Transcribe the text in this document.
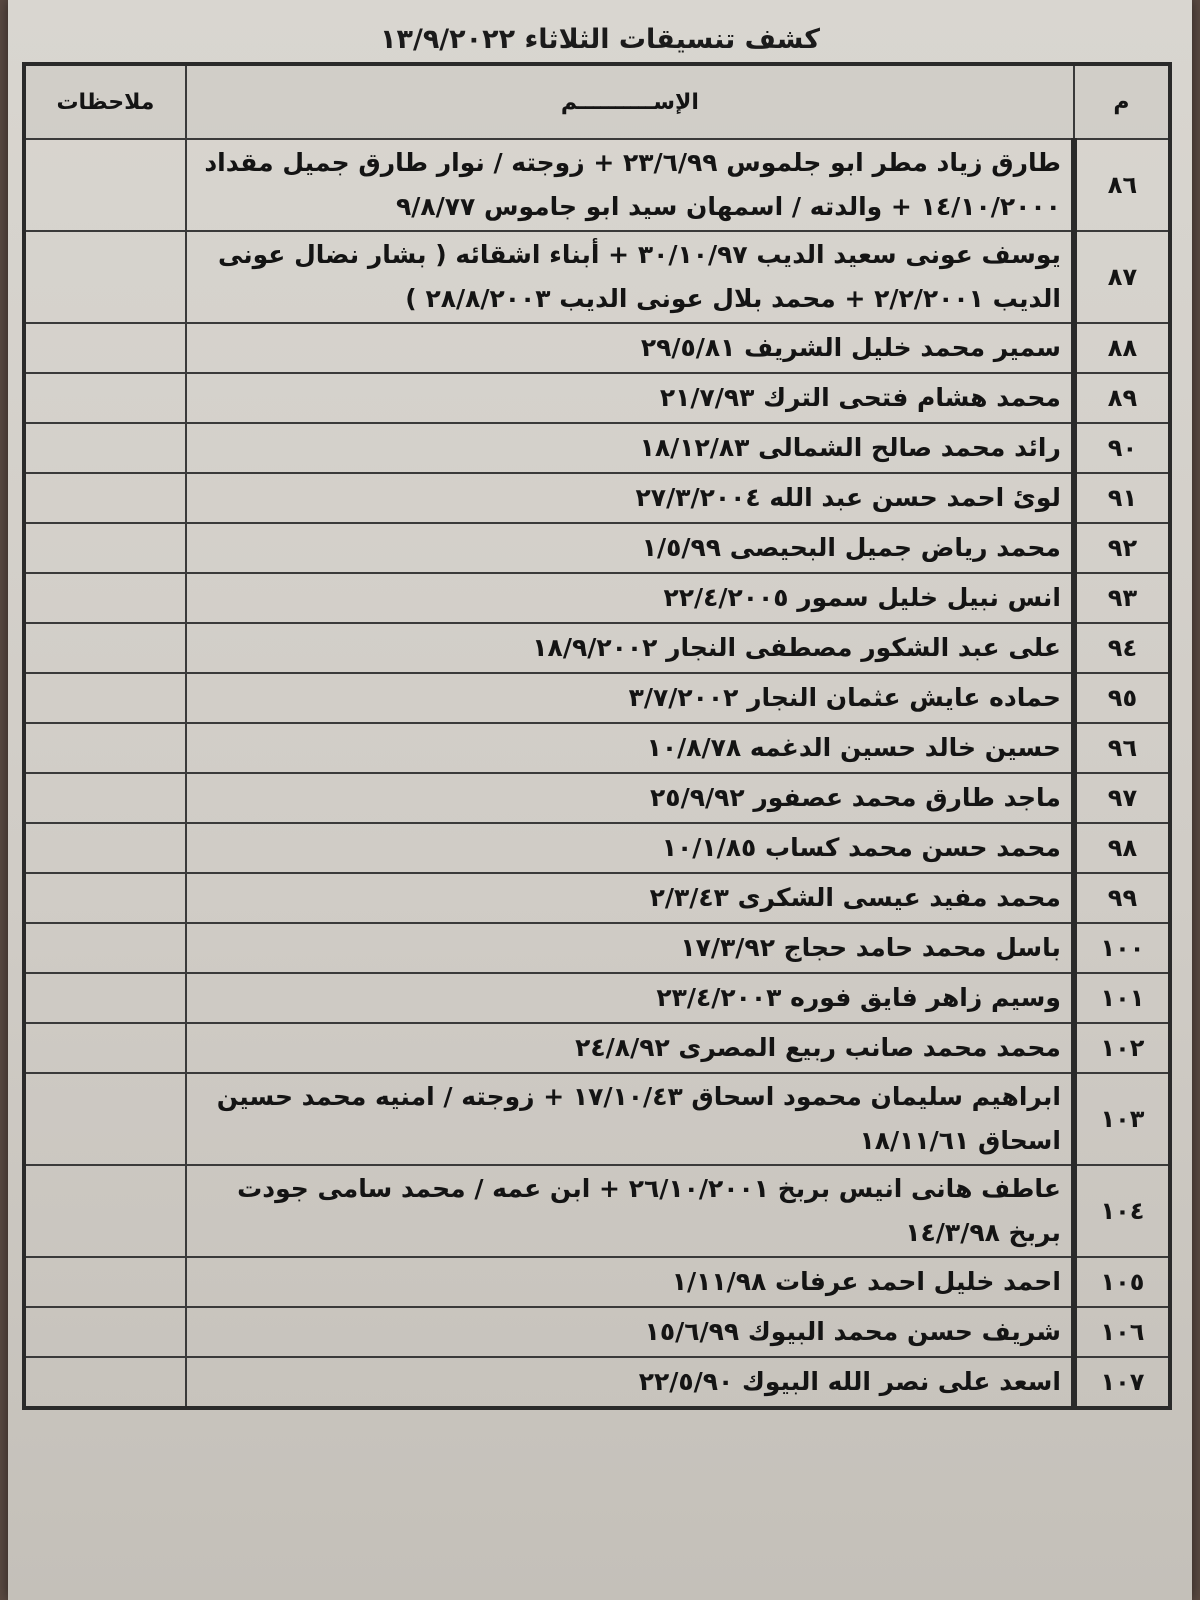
كشف تنسيقات الثلاثاء ١٣/٩/٢٠٢٢
م	الإســــــــــم	ملاحظات
٨٦	طارق زياد مطر ابو جلموس ٢٣/٦/٩٩ + زوجته / نوار طارق جميل مقداد ١٤/١٠/٢٠٠٠ + والدته / اسمهان سيد ابو جاموس ٩/٨/٧٧	

٨٧	يوسف عونى سعيد الديب ٣٠/١٠/٩٧ + أبناء اشقائه ( بشار نضال عونى الديب ٢/٢/٢٠٠١ + محمد بلال عونى الديب ٢٨/٨/٢٠٠٣ )	

٨٨	سمير محمد خليل الشريف ٢٩/٥/٨١	

٨٩	محمد هشام فتحى الترك ٢١/٧/٩٣	

٩٠	رائد محمد صالح الشمالى ١٨/١٢/٨٣	

٩١	لوئ احمد حسن عبد الله ٢٧/٣/٢٠٠٤	

٩٢	محمد رياض جميل البحيصى ١/٥/٩٩	

٩٣	انس نبيل خليل سمور ٢٢/٤/٢٠٠٥	

٩٤	على عبد الشكور مصطفى النجار ١٨/٩/٢٠٠٢	

٩٥	حماده عايش عثمان النجار ٣/٧/٢٠٠٢	

٩٦	حسين خالد حسين الدغمه ١٠/٨/٧٨	

٩٧	ماجد طارق محمد عصفور ٢٥/٩/٩٢	

٩٨	محمد حسن محمد كساب ١٠/١/٨٥	

٩٩	محمد مفيد عيسى الشكرى ٢/٣/٤٣	

١٠٠	باسل محمد حامد حجاج ١٧/٣/٩٢	

١٠١	وسيم زاهر فايق فوره ٢٣/٤/٢٠٠٣	

١٠٢	محمد محمد صانب ربيع المصرى ٢٤/٨/٩٢	

١٠٣	ابراهيم سليمان محمود اسحاق ١٧/١٠/٤٣ + زوجته / امنيه محمد حسين اسحاق ١٨/١١/٦١	

١٠٤	عاطف هانى انيس بربخ ٢٦/١٠/٢٠٠١ + ابن عمه / محمد سامى جودت بربخ ١٤/٣/٩٨	

١٠٥	احمد خليل احمد عرفات ١/١١/٩٨	

١٠٦	شريف حسن محمد البيوك ١٥/٦/٩٩	

١٠٧	اسعد على نصر الله البيوك ٢٢/٥/٩٠	
